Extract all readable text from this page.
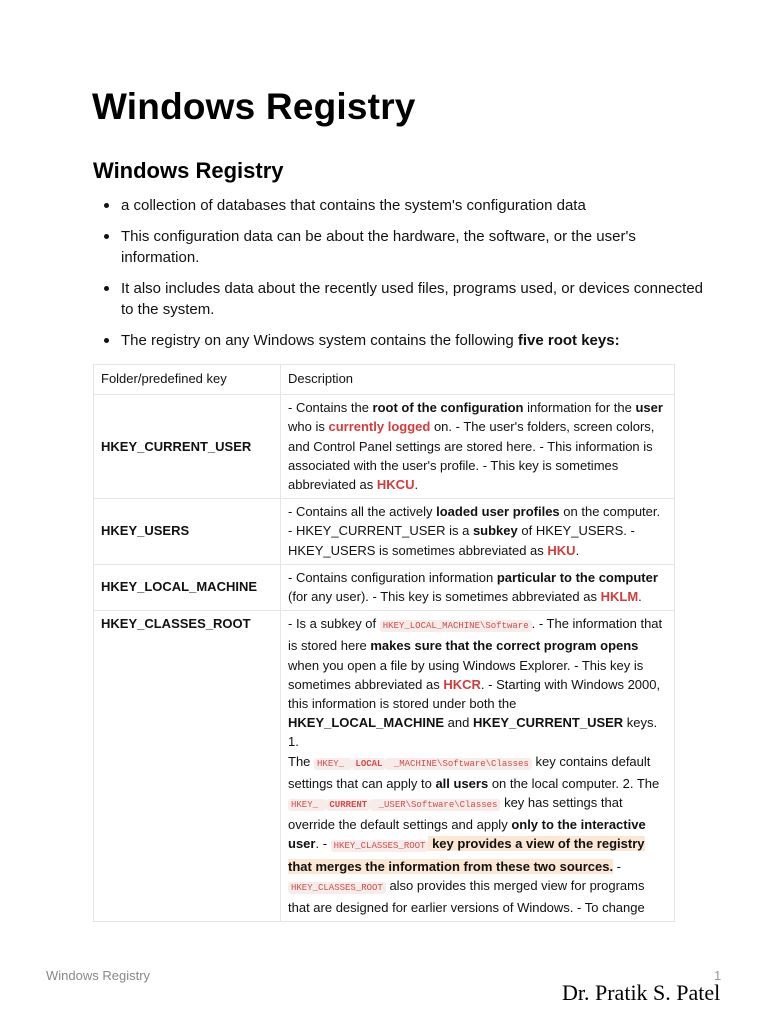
Windows Registry
Windows Registry
a collection of databases that contains the system's configuration data
This configuration data can be about the hardware, the software, or the user's information.
It also includes data about the recently used files, programs used, or devices connected to the system.
The registry on any Windows system contains the following five root keys:
Folder/predefined key	Description
HKEY_CURRENT_USER	- Contains the root of the configuration information for the user who is currently logged on. - The user's folders, screen colors, and Control Panel settings are stored here. - This information is associated with the user's profile. - This key is sometimes abbreviated as HKCU.
HKEY_USERS	- Contains all the actively loaded user profiles on the computer. - HKEY_CURRENT_USER is a subkey of HKEY_USERS. - HKEY_USERS is sometimes abbreviated as HKU.
HKEY_LOCAL_MACHINE	- Contains configuration information particular to the computer (for any user). - This key is sometimes abbreviated as HKLM.
HKEY_CLASSES_ROOT	- Is a subkey of HKEY_LOCAL_MACHINE\Software . - The information that is stored here makes sure that the correct program opens when you open a file by using Windows Explorer. - This key is sometimes abbreviated as HKCR. - Starting with Windows 2000, this information is stored under both the HKEY_LOCAL_MACHINE and HKEY_CURRENT_USER keys. 1.
The HKEY_ LOCAL _MACHINE\Software\Classes key contains default settings that can apply to all users on the local computer. 2. The HKEY_ CURRENT _USER\Software\Classes key has settings that override the default settings and apply only to the interactive user. - HKEY_CLASSES_ROOT key provides a view of the registry that merges the information from these two sources. - HKEY_CLASSES_ROOT also provides this merged view for programs that are designed for earlier versions of Windows. - To change
Windows Registry	1
Dr. Pratik S. Patel
